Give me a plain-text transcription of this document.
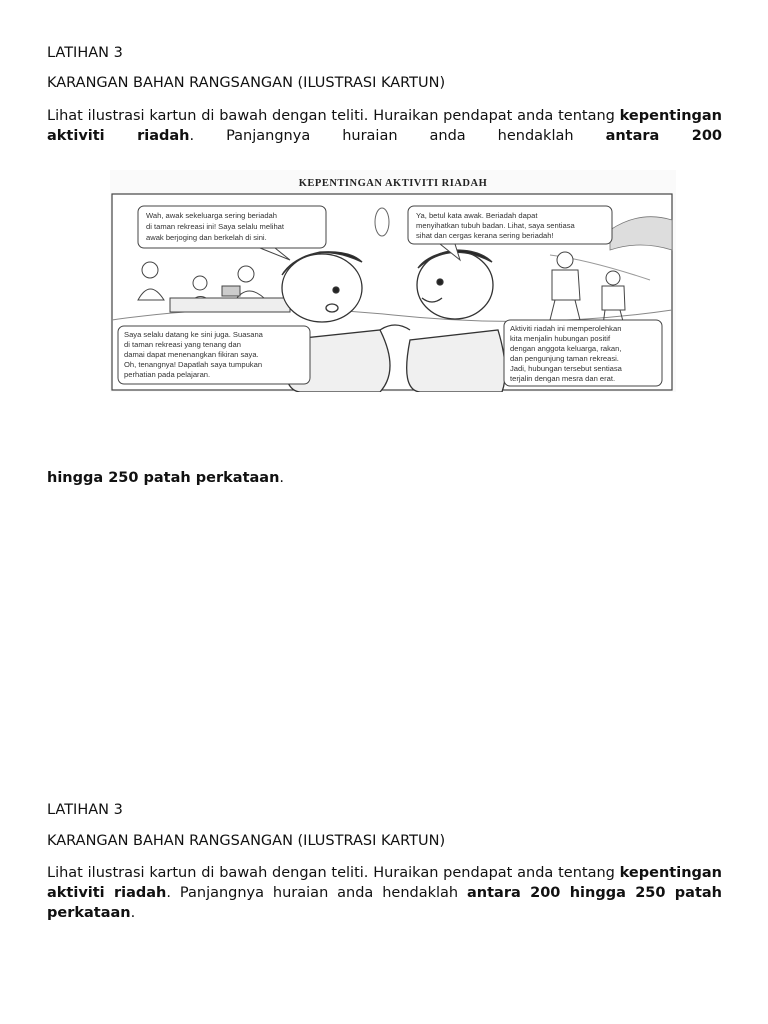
LATIHAN 3
KARANGAN BAHAN RANGSANGAN (ILUSTRASI KARTUN)
Lihat ilustrasi kartun di bawah dengan teliti. Huraikan pendapat anda tentang kepentingan aktiviti riadah. Panjangnya huraian anda hendaklah antara 200
KEPENTINGAN AKTIVITI RIADAH
Wah, awak sekeluarga sering beriadah
di taman rekreasi ini! Saya selalu melihat
awak berjoging dan berkelah di sini.
Ya, betul kata awak. Beriadah dapat
menyihatkan tubuh badan. Lihat, saya sentiasa
sihat dan cergas kerana sering beriadah!
Saya selalu datang ke sini juga. Suasana
di taman rekreasi yang tenang dan
damai dapat menenangkan fikiran saya.
Oh, tenangnya! Dapatlah saya tumpukan
perhatian pada pelajaran.
Aktiviti riadah ini memperolehkan
kita menjalin hubungan positif
dengan anggota keluarga, rakan,
dan pengunjung taman rekreasi.
Jadi, hubungan tersebut sentiasa
terjalin dengan mesra dan erat.
hingga 250 patah perkataan.
LATIHAN 3
KARANGAN BAHAN RANGSANGAN (ILUSTRASI KARTUN)
Lihat ilustrasi kartun di bawah dengan teliti. Huraikan pendapat anda tentang kepentingan aktiviti riadah. Panjangnya huraian anda hendaklah antara 200 hingga 250 patah perkataan.
